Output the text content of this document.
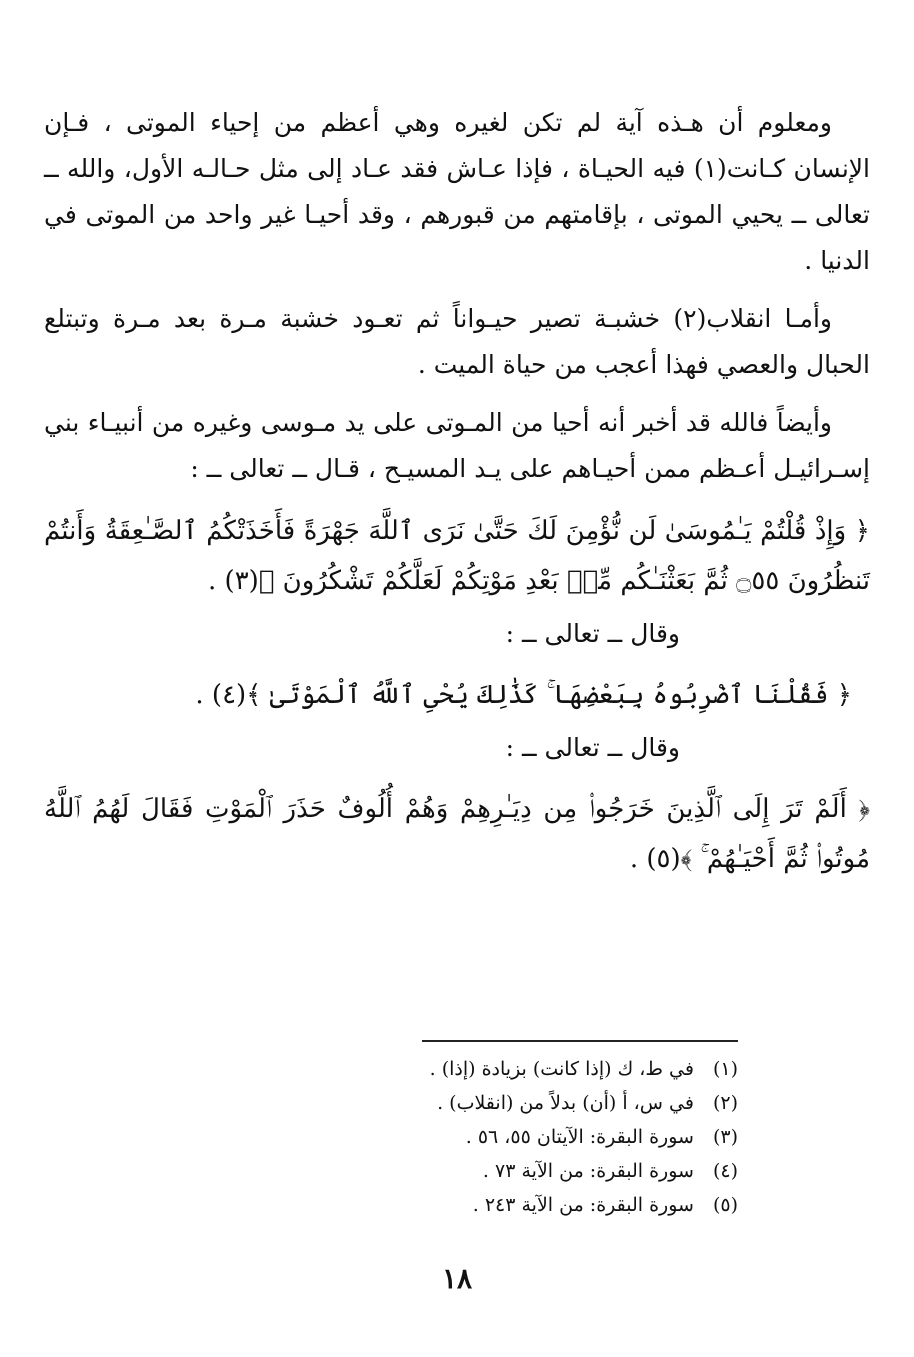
ومعلوم أن هـذه آية لم تكن لغيره وهي أعظم من إحياء الموتى ، فـإن الإنسان كـانت(١) فيه الحيـاة ، فإذا عـاش فقد عـاد إلى مثل حـالـه الأول، والله ــ تعالى ــ يحيي الموتى ، بإقامتهم من قبورهم ، وقد أحيـا غير واحد من الموتى في الدنيا .

وأمـا انقلاب(٢) خشبـة تصير حيـواناً ثم تعـود خشبة مـرة بعد مـرة وتبتلع الحبال والعصي فهذا أعجب من حياة الميت .

وأيضاً فالله قد أخبر أنه أحيا من المـوتى على يد مـوسى وغيره من أنبيـاء بني إسـرائيـل أعـظم ممن أحيـاهم على يـد المسيـح ، قـال ــ تعالى ــ :

﴿ وَإِذْ قُلْتُمْ يَـٰمُوسَىٰ لَن نُّؤْمِنَ لَكَ حَتَّىٰ نَرَى ٱللَّهَ جَهْرَةً فَأَخَذَتْكُمُ ٱلصَّـٰعِقَةُ وَأَنتُمْ تَنظُرُونَ ۝٥٥ ثُمَّ بَعَثْنَـٰكُم مِّنۢ بَعْدِ مَوْتِكُمْ لَعَلَّكُمْ تَشْكُرُونَ ﴾(٣) .

وقال ــ تعالى ــ :

﴿ فَقُلْنَا ٱضْرِبُوهُ بِبَعْضِهَا ۚ كَذَٰلِكَ يُحْىِ ٱللَّهُ ٱلْمَوْتَىٰ ﴾(٤) .

وقال ــ تعالى ــ :

﴿ أَلَمْ تَرَ إِلَى ٱلَّذِينَ خَرَجُوا۟ مِن دِيَـٰرِهِمْ وَهُمْ أُلُوفٌ حَذَرَ ٱلْمَوْتِ فَقَالَ لَهُمُ ٱللَّهُ مُوتُوا۟ ثُمَّ أَحْيَـٰهُمْ ۚ ﴾(٥) .

(١) في ط، ك (إذا كانت) بزيادة (إذا) .
(٢) في س، أ (أن) بدلاً من (انقلاب) .
(٣) سورة البقرة: الآيتان ٥٥، ٥٦ .
(٤) سورة البقرة: من الآية ٧٣ .
(٥) سورة البقرة: من الآية ٢٤٣ .
١٨
